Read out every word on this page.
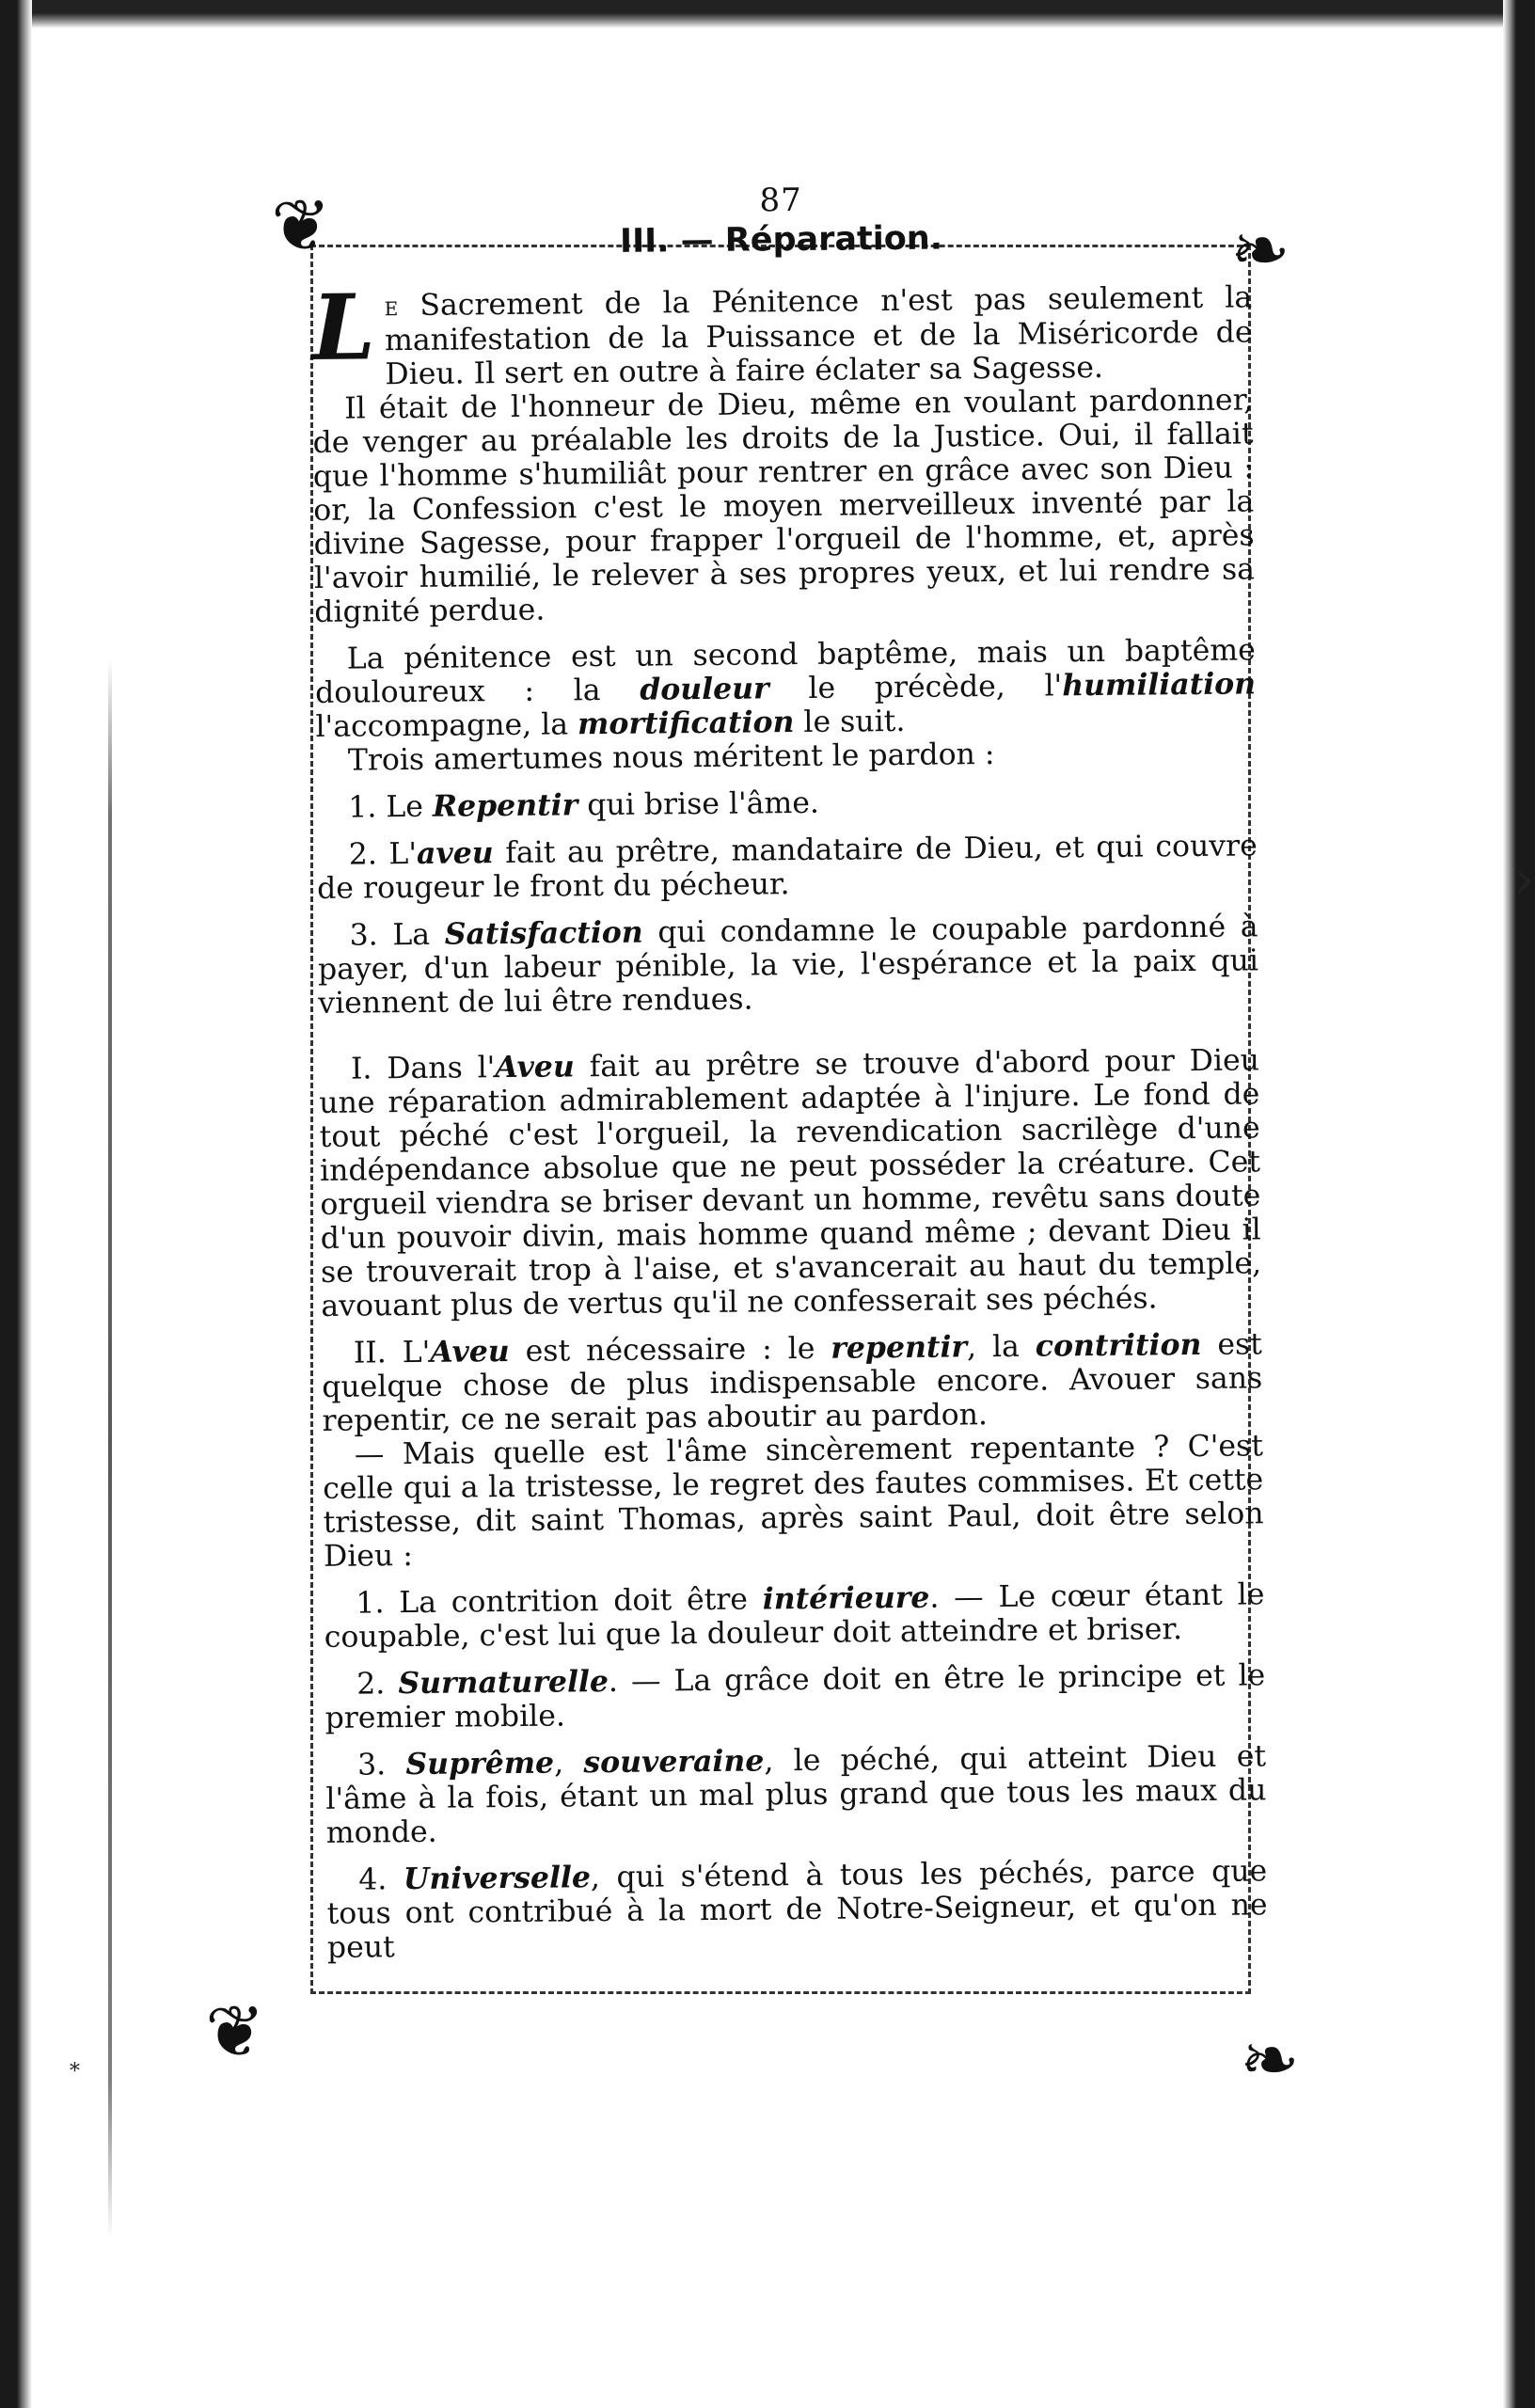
›
*
❦	❧
❦	❧
87
III. — Réparation.

Le Sacrement de la Pénitence n'est pas seulement la manifestation de la Puissance et de la Miséricorde de Dieu. Il sert en outre à faire éclater sa Sagesse.

Il était de l'honneur de Dieu, même en voulant pardonner, de venger au préalable les droits de la Justice. Oui, il fallait que l'homme s'humiliât pour rentrer en grâce avec son Dieu : or, la Confession c'est le moyen merveilleux inventé par la divine Sagesse, pour frapper l'orgueil de l'homme, et, après l'avoir humilié, le relever à ses propres yeux, et lui rendre sa dignité perdue.

La pénitence est un second baptême, mais un baptême douloureux : la douleur le précède, l'humiliation l'accompagne, la mortification le suit.

Trois amertumes nous méritent le pardon :

1. Le Repentir qui brise l'âme.

2. L'aveu fait au prêtre, mandataire de Dieu, et qui couvre de rougeur le front du pécheur.

3. La Satisfaction qui condamne le coupable pardonné à payer, d'un labeur pénible, la vie, l'espérance et la paix qui viennent de lui être rendues.

I. Dans l'Aveu fait au prêtre se trouve d'abord pour Dieu une réparation admirablement adaptée à l'injure. Le fond de tout péché c'est l'orgueil, la revendication sacrilège d'une indépendance absolue que ne peut posséder la créature. Cet orgueil viendra se briser devant un homme, revêtu sans doute d'un pouvoir divin, mais homme quand même ; devant Dieu il se trouverait trop à l'aise, et s'avancerait au haut du temple, avouant plus de vertus qu'il ne confesserait ses péchés.

II. L'Aveu est nécessaire : le repentir, la contrition est quelque chose de plus indispensable encore. Avouer sans repentir, ce ne serait pas aboutir au pardon.

— Mais quelle est l'âme sincèrement repentante ? C'est celle qui a la tristesse, le regret des fautes commises. Et cette tristesse, dit saint Thomas, après saint Paul, doit être selon Dieu :

1. La contrition doit être intérieure. — Le cœur étant le coupable, c'est lui que la douleur doit atteindre et briser.

2. Surnaturelle. — La grâce doit en être le principe et le premier mobile.

3. Suprême, souveraine, le péché, qui atteint Dieu et l'âme à la fois, étant un mal plus grand que tous les maux du monde.

4. Universelle, qui s'étend à tous les péchés, parce que tous ont contribué à la mort de Notre-Seigneur, et qu'on ne peut
